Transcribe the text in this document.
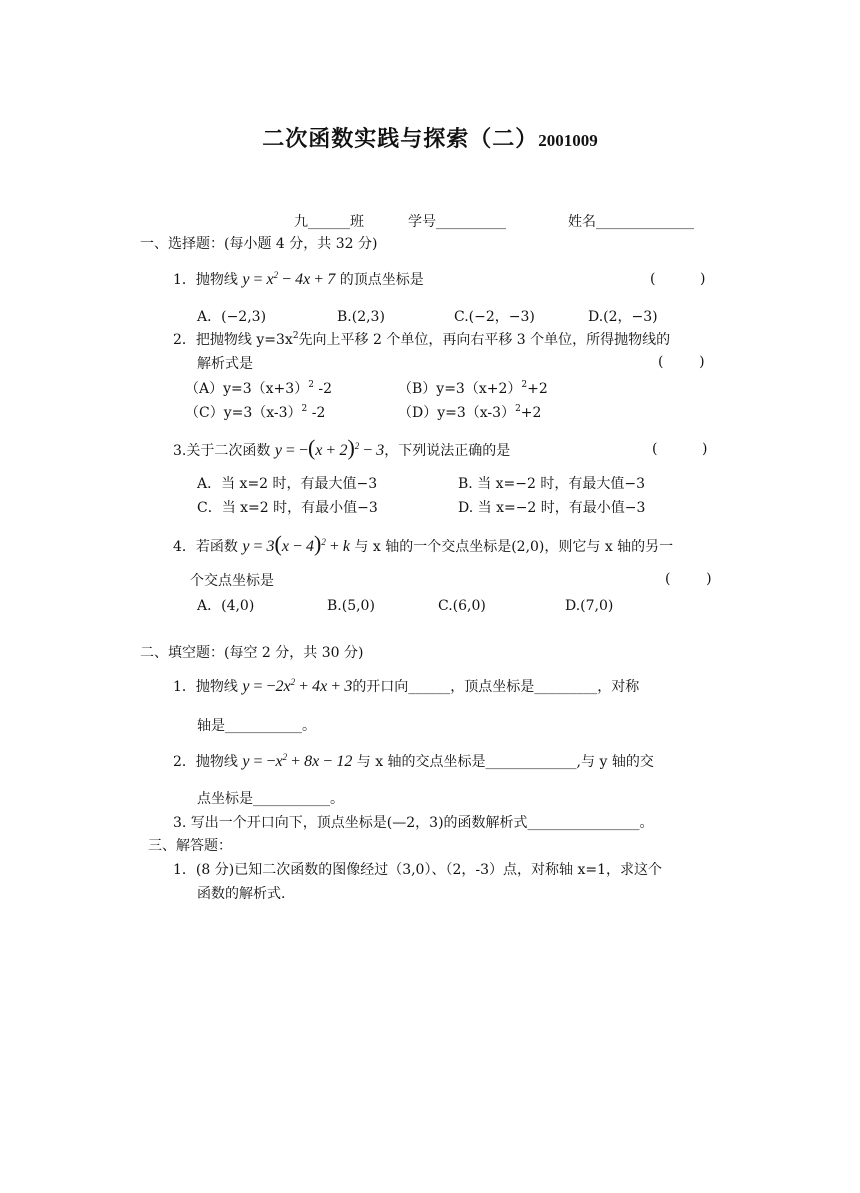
二次函数实践与探索（二）2001009
九______班	学号__________	姓名______________
一、选择题：(每小题 4 分，共 32 分)
1．抛物线 $y = x^2 - 4x + 7$ 的顶点坐标是	(          )
A．(−2,3)	B.(2,3)	C.(−2，−3)	D.(2，−3)
2．把抛物线 $y=3x^2$先向上平移 2 个单位，再向右平移 3 个单位，所得抛物线的
解析式是	(        )
$(A)y=3(x+3)^2$ -2	$(B)y=3(x+2)^2+2$
$(C)y=3(x-3)^2$ -2	$(D)y=3(x-3)^2+2$
3.关于二次函数 $y = -(x + 2)^2 - 3$，下列说法正确的是	(          )
A．当 x=2 时，有最大值−3	B. 当 x=−2 时，有最大值−3
C．当 x=2 时，有最小值−3	D. 当 x=−2 时，有最小值−3
4．若函数 $y = 3(x - 4)^2 + k$ 与 x 轴的一个交点坐标是(2,0)，则它与 x 轴的另一
个交点坐标是	(        )
A．(4,0)	B.(5,0)	C.(6,0)	D.(7,0)
二、填空题：(每空 2 分，共 30 分)
1．抛物线 $y = -2x^2 + 4x + 3$的开口向______，顶点坐标是_________，对称
轴是___________。
2．抛物线 $y = -x^2 + 8x - 12$ 与 x 轴的交点坐标是_____________,与 y 轴的交
点坐标是___________。
3. 写出一个开口向下，顶点坐标是(—2，3)的函数解析式________________。
三、解答题：
1．(8 分)已知二次函数的图像经过（3,0）、（2，-3）点，对称轴 x=1，求这个
函数的解析式.
